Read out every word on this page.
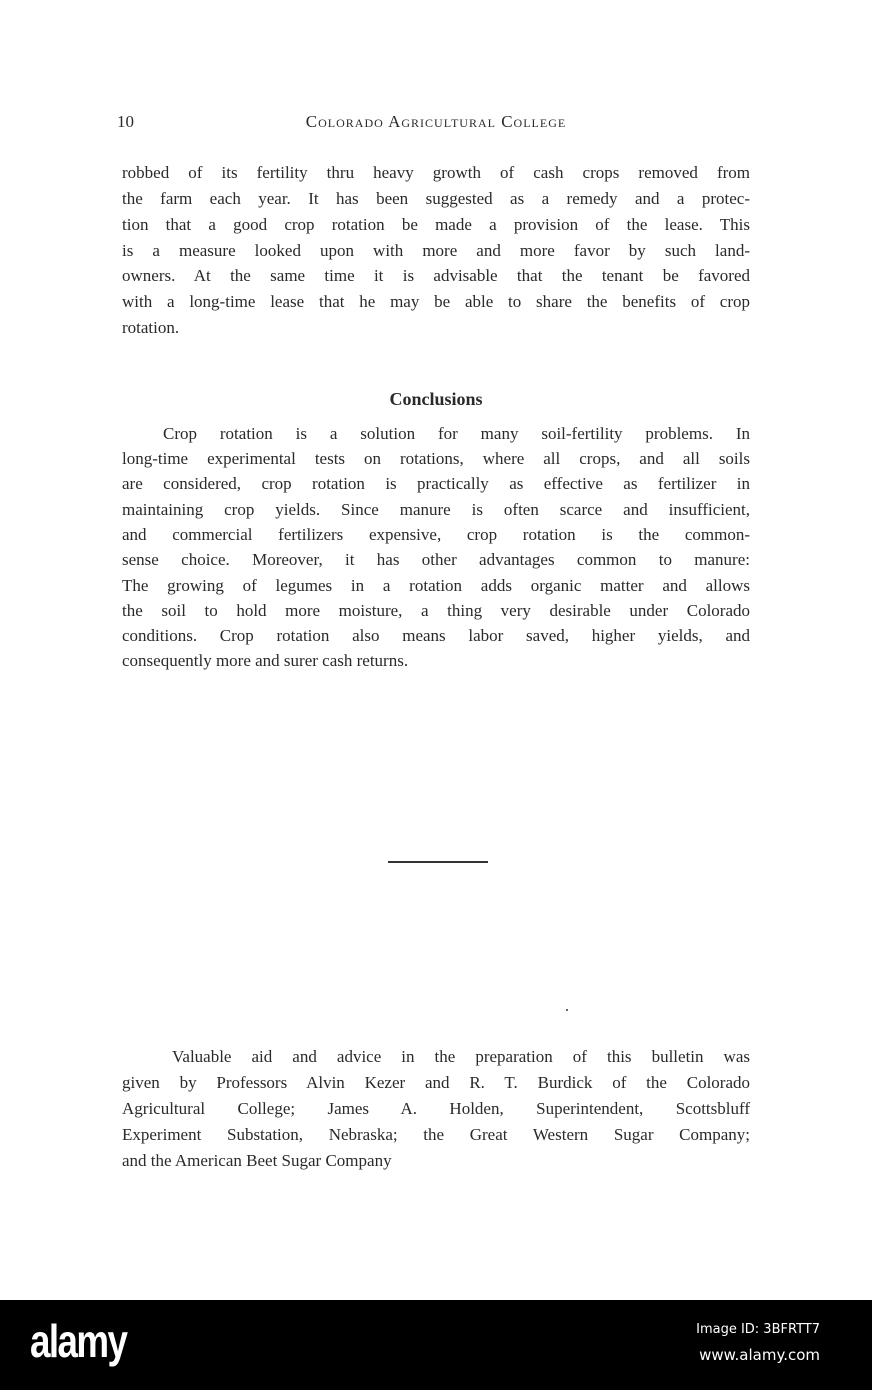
10	Colorado Agricultural College
robbed of its fertility thru heavy growth of cash crops removed from
the farm each year. It has been suggested as a remedy and a protec-
tion that a good crop rotation be made a provision of the lease. This
is a measure looked upon with more and more favor by such land-
owners. At the same time it is advisable that the tenant be favored
with a long-time lease that he may be able to share the benefits of crop
rotation.
Conclusions
Crop rotation is a solution for many soil-fertility problems. In
long-time experimental tests on rotations, where all crops, and all soils
are considered, crop rotation is practically as effective as fertilizer in
maintaining crop yields. Since manure is often scarce and insufficient,
and commercial fertilizers expensive, crop rotation is the common-
sense choice. Moreover, it has other advantages common to manure:
The growing of legumes in a rotation adds organic matter and allows
the soil to hold more moisture, a thing very desirable under Colorado
conditions. Crop rotation also means labor saved, higher yields, and
consequently more and surer cash returns.
Valuable aid and advice in the preparation of this bulletin was
given by Professors Alvin Kezer and R. T. Burdick of the Colorado
Agricultural College; James A. Holden, Superintendent, Scottsbluff
Experiment Substation, Nebraska; the Great Western Sugar Company;
and the American Beet Sugar Company
alamy	Image ID: 3BFRTT7
www.alamy.com
